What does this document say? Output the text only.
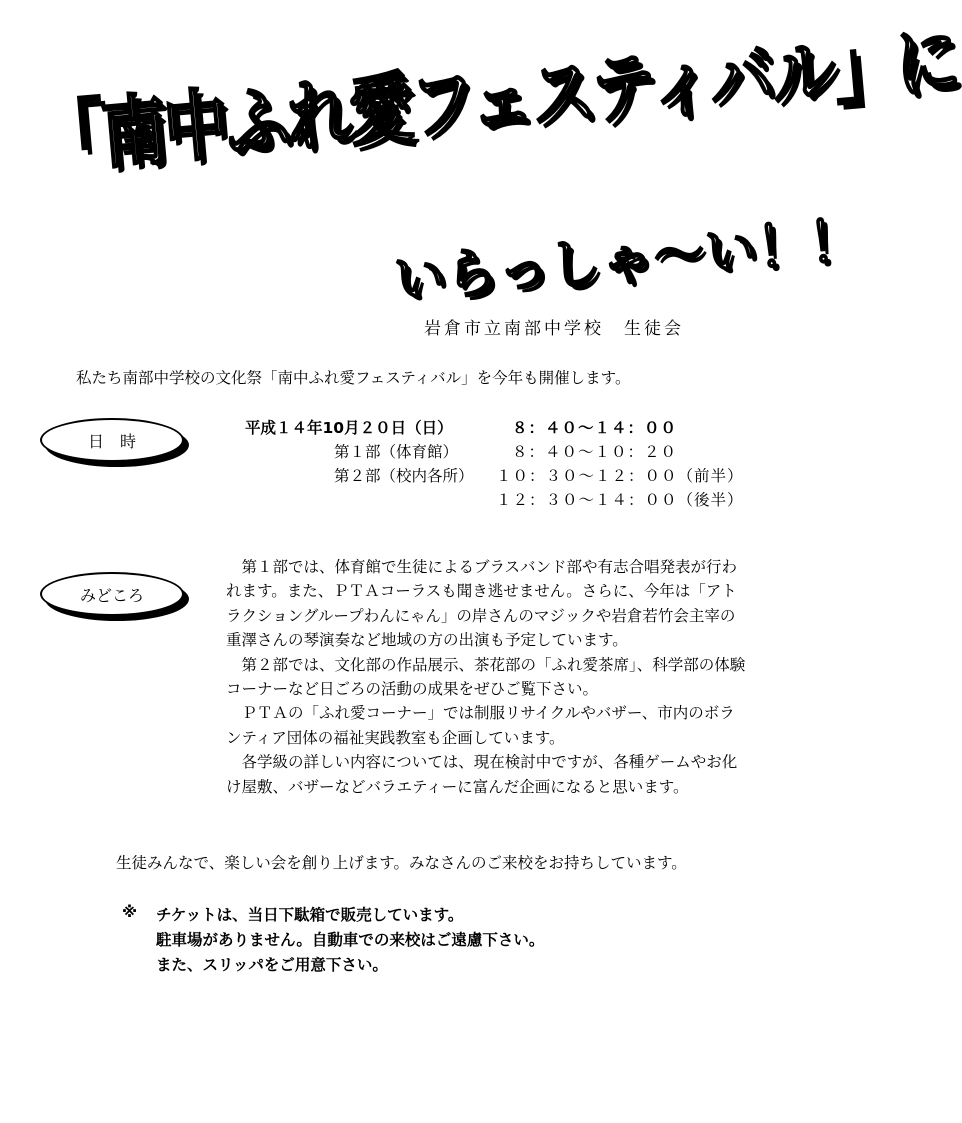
「南中ふれ愛フェスティバル」に
いらっしゃ〜い！！
岩倉市立南部中学校　生徒会
私たち南部中学校の文化祭「南中ふれ愛フェスティバル」を今年も開催します。
日　時
平成１４年10月２０日（日）	８：４０〜１４：００
第１部（体育館）	８：４０〜１０：２０
第２部（校内各所） １０：３０〜１２：００（前半）
１２：３０〜１４：００（後半）
みどころ

　第１部では、体育館で生徒によるブラスバンド部や有志合唱発表が行われます。また、ＰＴＡコーラスも聞き逃せません。さらに、今年は「アトラクショングループわんにゃん」の岸さんのマジックや岩倉若竹会主宰の重澤さんの琴演奏など地域の方の出演も予定しています。

　第２部では、文化部の作品展示、茶花部の「ふれ愛茶席」、科学部の体験コーナーなど日ごろの活動の成果をぜひご覧下さい。

　ＰＴＡの「ふれ愛コーナー」では制服リサイクルやバザー、市内のボランティア団体の福祉実践教室も企画しています。

　各学級の詳しい内容については、現在検討中ですが、各種ゲームやお化け屋敷、バザーなどバラエティーに富んだ企画になると思います。

生徒みんなで、楽しい会を創り上げます。みなさんのご来校をお持ちしています。
※ チケットは、当日下駄箱で販売しています。
駐車場がありません。自動車での来校はご遠慮下さい。
また、スリッパをご用意下さい。
